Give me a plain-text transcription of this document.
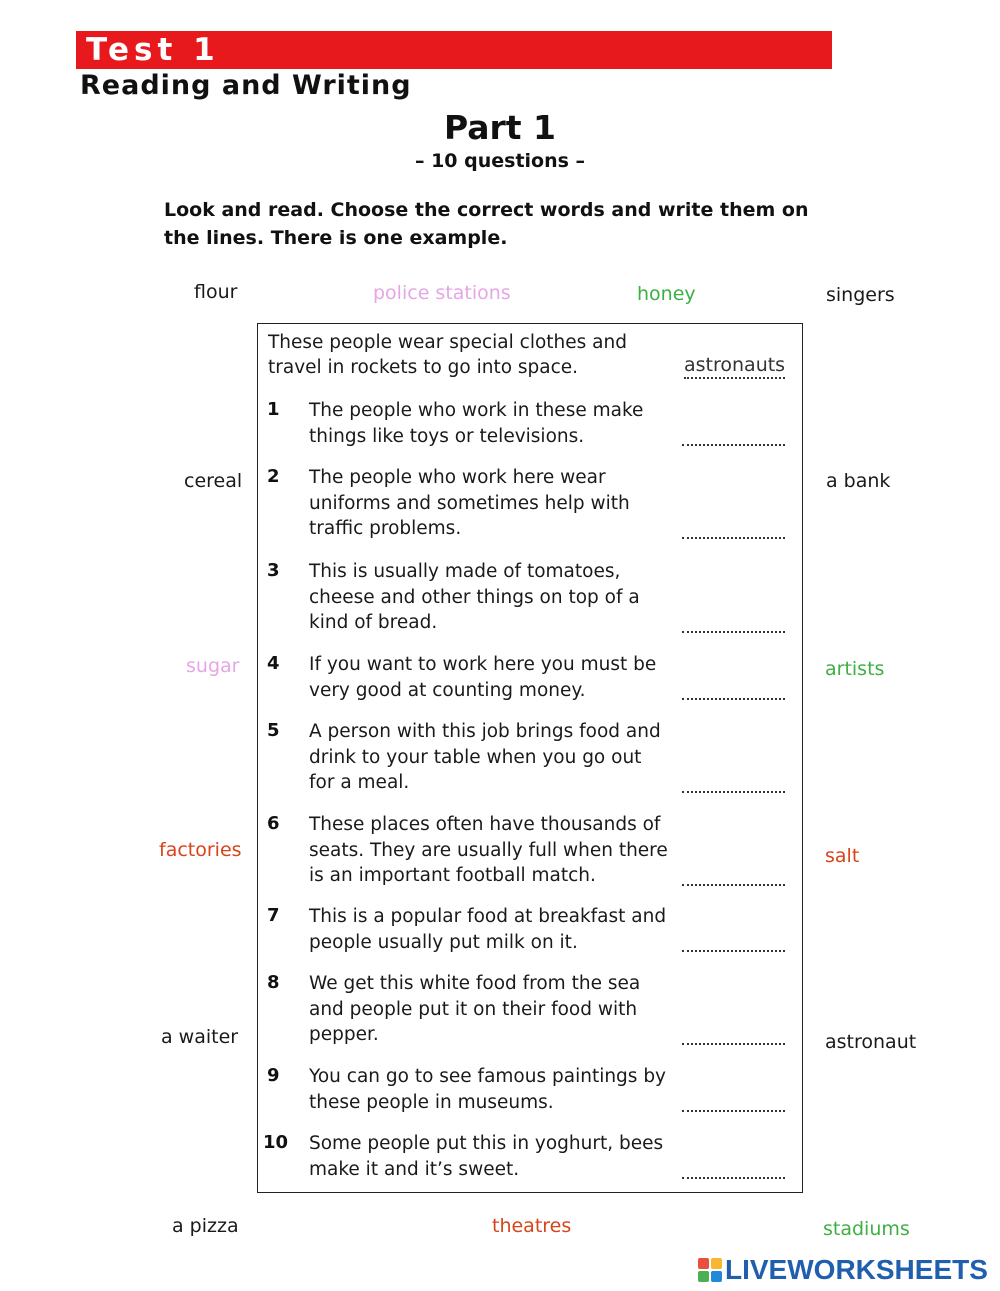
Test 1
Reading and Writing
Part 1
– 10 questions –
Look and read. Choose the correct words and write them on the lines. There is one example.
flour	police stations	honey	singers
cereal	a bank
sugar	artists
factories	salt
a waiter	astronaut
a pizza	theatres	stadiums
These people wear special clothes and travel in rockets to go into space.	astronauts
1 The people who work in these make things like toys or televisions.
2 The people who work here wear uniforms and sometimes help with traffic problems.
3 This is usually made of tomatoes, cheese and other things on top of a kind of bread.
4 If you want to work here you must be very good at counting money.
5 A person with this job brings food and drink to your table when you go out for a meal.
6 These places often have thousands of seats. They are usually full when there is an important football match.
7 This is a popular food at breakfast and people usually put milk on it.
8 We get this white food from the sea and people put it on their food with pepper.
9 You can go to see famous paintings by these people in museums.
10 Some people put this in yoghurt, bees make it and it’s sweet.
LIVEWORKSHEETS
